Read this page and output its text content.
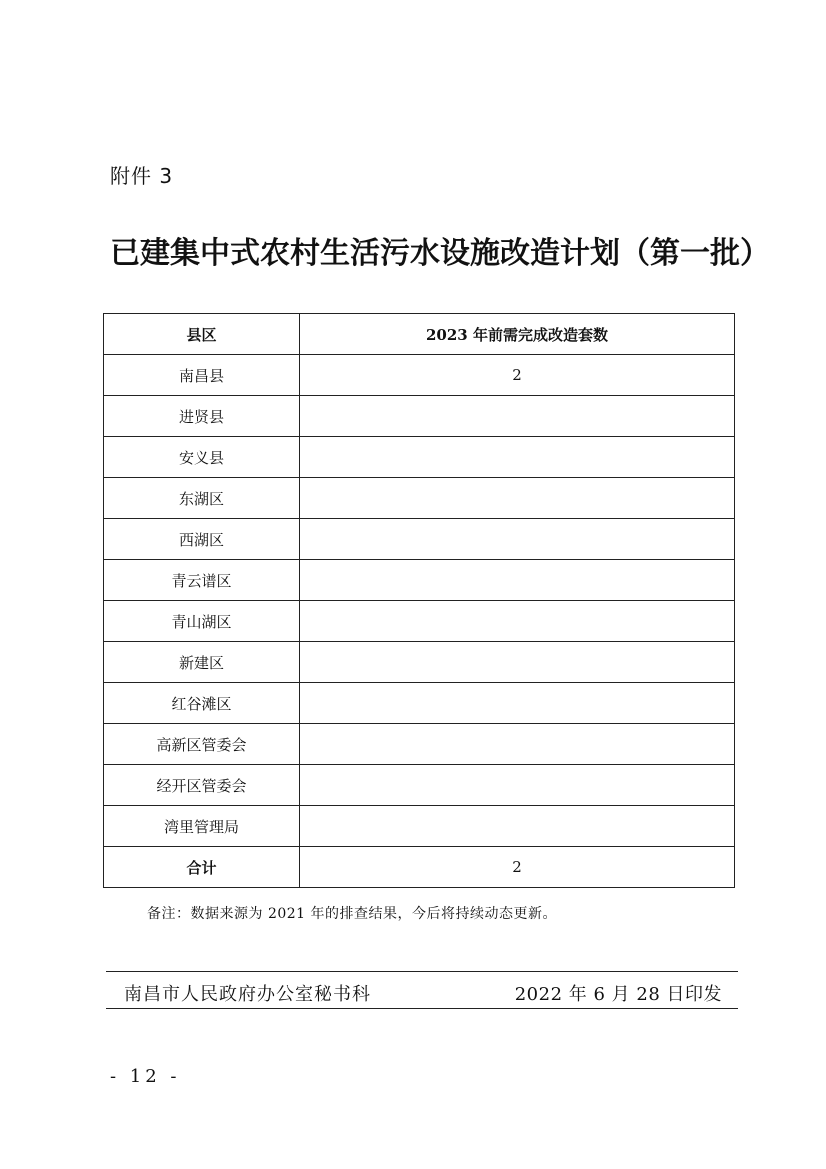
附件 3
已建集中式农村生活污水设施改造计划（第一批）
县区	2023 年前需完成改造套数
南昌县	2
进贤县	
安义县	
东湖区	
西湖区	
青云谱区	
青山湖区	
新建区	
红谷滩区	
高新区管委会	
经开区管委会	
湾里管理局	
合计	2
备注：数据来源为 2021 年的排查结果，今后将持续动态更新。
南昌市人民政府办公室秘书科	2022 年 6 月 28 日印发
- 12 -
